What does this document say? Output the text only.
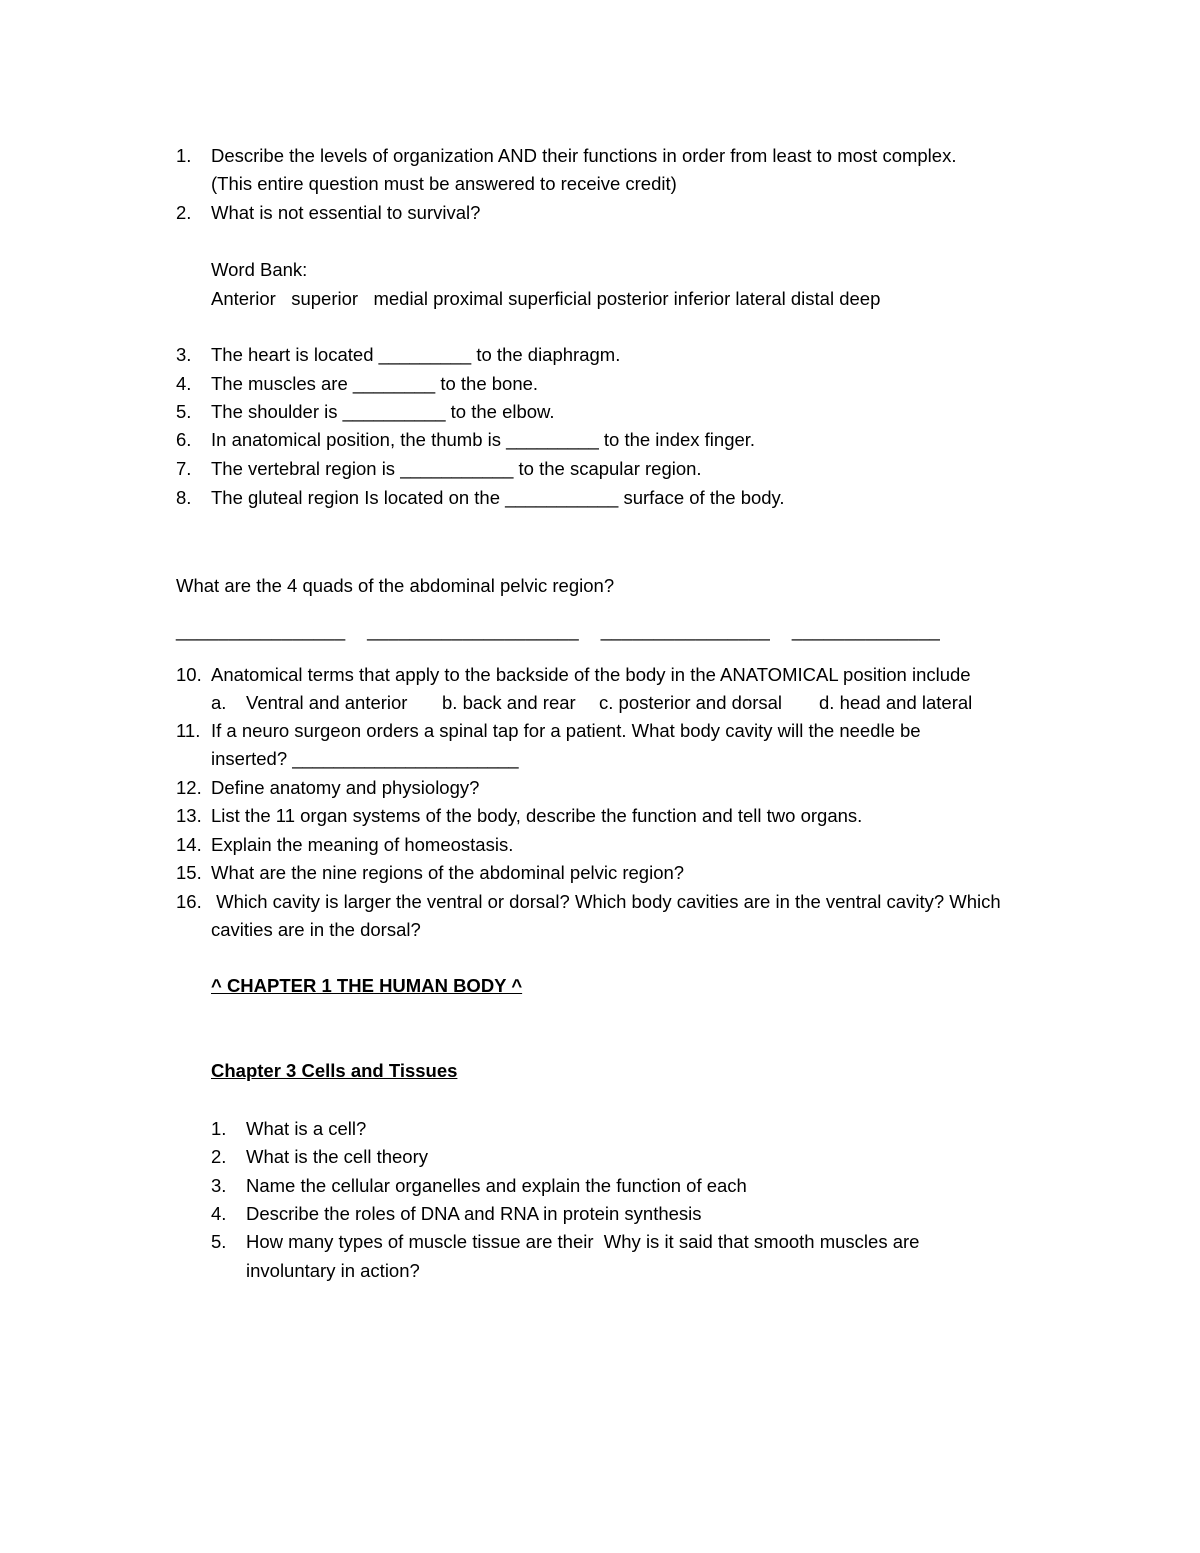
1. Describe the levels of organization AND their functions in order from least to most complex.
(This entire question must be answered to receive credit)
2. What is not essential to survival?
Word Bank:
Anterior   superior   medial proximal superficial posterior inferior lateral distal deep
3. The heart is located _________ to the diaphragm.
4. The muscles are ________ to the bone.
5. The shoulder is __________ to the elbow.
6. In anatomical position, the thumb is _________ to the index finger.
7. The vertebral region is ___________ to the scapular region.
8. The gluteal region Is located on the ___________ surface of the body.
What are the 4 quads of the abdominal pelvic region?
________________    ____________________    ________________    ______________
10. Anatomical terms that apply to the backside of the body in the ANATOMICAL position include
a. Ventral and anterior b. back and rear c. posterior and dorsal d. head and lateral
11. If a neuro surgeon orders a spinal tap for a patient. What body cavity will the needle be
inserted? ______________________
12. Define anatomy and physiology?
13. List the 11 organ systems of the body, describe the function and tell two organs.
14. Explain the meaning of homeostasis.
15. What are the nine regions of the abdominal pelvic region?
16. Which cavity is larger the ventral or dorsal? Which body cavities are in the ventral cavity? Which
cavities are in the dorsal?
^ CHAPTER 1 THE HUMAN BODY ^
Chapter 3 Cells and Tissues
1. What is a cell?
2. What is the cell theory
3. Name the cellular organelles and explain the function of each
4. Describe the roles of DNA and RNA in protein synthesis
5. How many types of muscle tissue are their  Why is it said that smooth muscles are
involuntary in action?
